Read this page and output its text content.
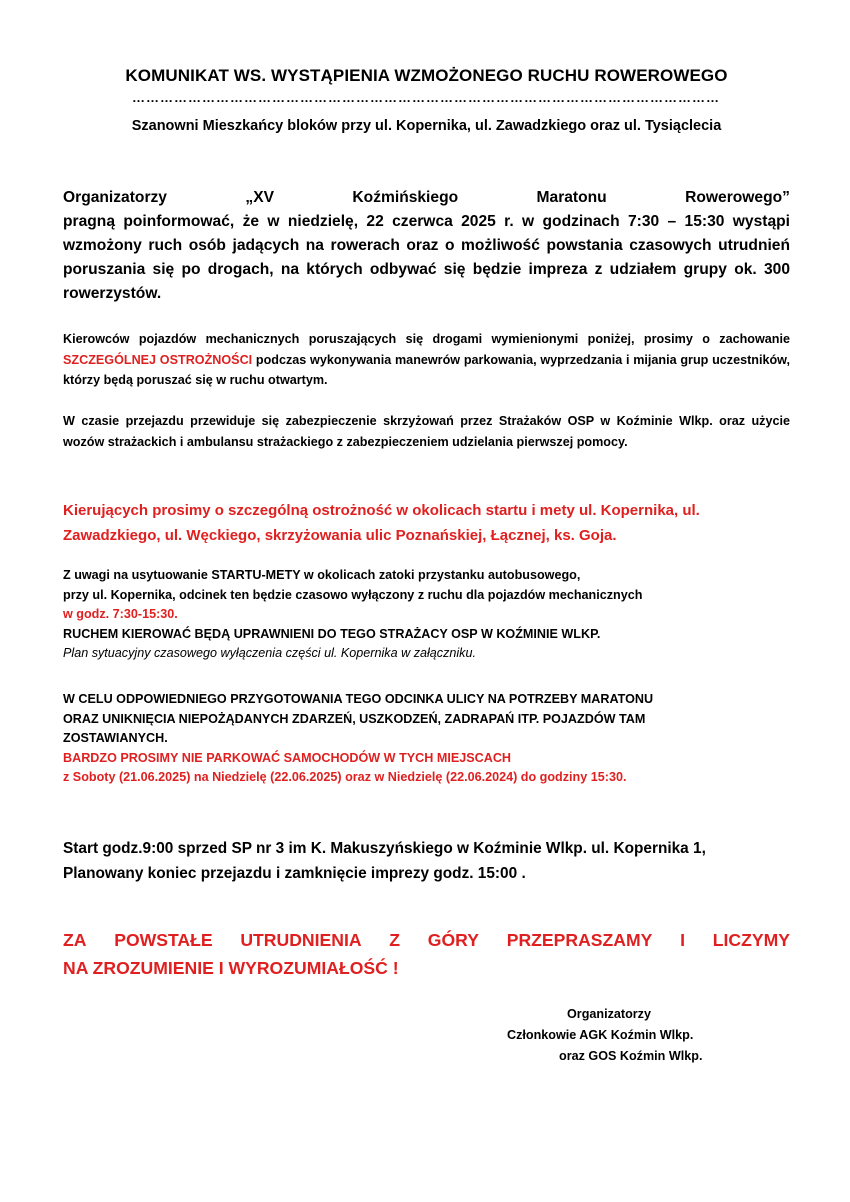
KOMUNIKAT WS. WYSTĄPIENIA WZMOŻONEGO RUCHU ROWEROWEGO
………………………………………………………………………………………………………………
Szanowni Mieszkańcy bloków przy ul. Kopernika, ul. Zawadzkiego oraz ul. Tysiąclecia
Organizatorzy	„XV	Koźmińskiego	Maratonu	Rowerowego”
pragną poinformować, że w niedzielę, 22 czerwca 2025 r. w godzinach 7:30 – 15:30 wystąpi wzmożony ruch osób jadących na rowerach oraz o możliwość powstania czasowych utrudnień poruszania się po drogach, na których odbywać się będzie impreza z udziałem grupy ok. 300 rowerzystów.
Kierowców pojazdów mechanicznych poruszających się drogami wymienionymi poniżej, prosimy o zachowanie SZCZEGÓLNEJ OSTROŻNOŚCI podczas wykonywania manewrów parkowania, wyprzedzania i mijania grup uczestników, którzy będą poruszać się w ruchu otwartym.
W czasie przejazdu przewiduje się zabezpieczenie skrzyżowań przez Strażaków OSP w Koźminie Wlkp. oraz użycie wozów strażackich i ambulansu strażackiego z zabezpieczeniem udzielania pierwszej pomocy.
Kierujących prosimy o szczególną ostrożność w okolicach startu i mety ul. Kopernika, ul. Zawadzkiego, ul. Węckiego, skrzyżowania ulic Poznańskiej, Łącznej, ks. Goja.
Z uwagi na usytuowanie STARTU-METY w okolicach zatoki przystanku autobusowego,
przy ul. Kopernika, odcinek ten będzie czasowo wyłączony z ruchu dla pojazdów mechanicznych
w godz. 7:30-15:30.
RUCHEM KIEROWAĆ BĘDĄ UPRAWNIENI DO TEGO STRAŻACY OSP W KOŹMINIE WLKP.
Plan sytuacyjny czasowego wyłączenia części ul. Kopernika w załączniku.
W CELU ODPOWIEDNIEGO PRZYGOTOWANIA TEGO ODCINKA ULICY NA POTRZEBY MARATONU
ORAZ UNIKNIĘCIA NIEPOŻĄDANYCH ZDARZEŃ, USZKODZEŃ, ZADRAPAŃ ITP. POJAZDÓW TAM
ZOSTAWIANYCH.
BARDZO PROSIMY NIE PARKOWAĆ SAMOCHODÓW W TYCH MIEJSCACH
z Soboty (21.06.2025) na Niedzielę (22.06.2025) oraz w Niedzielę (22.06.2024) do godziny 15:30.
Start godz.9:00 sprzed SP nr 3 im K. Makuszyńskiego w Koźminie Wlkp. ul. Kopernika 1,
Planowany koniec przejazdu i zamknięcie imprezy godz. 15:00 .
ZA POWSTAŁE UTRUDNIENIA Z GÓRY PRZEPRASZAMY I LICZYMY
NA ZROZUMIENIE I WYROZUMIAŁOŚĆ !
Organizatorzy
Członkowie AGK Koźmin Wlkp.
oraz GOS Koźmin Wlkp.
